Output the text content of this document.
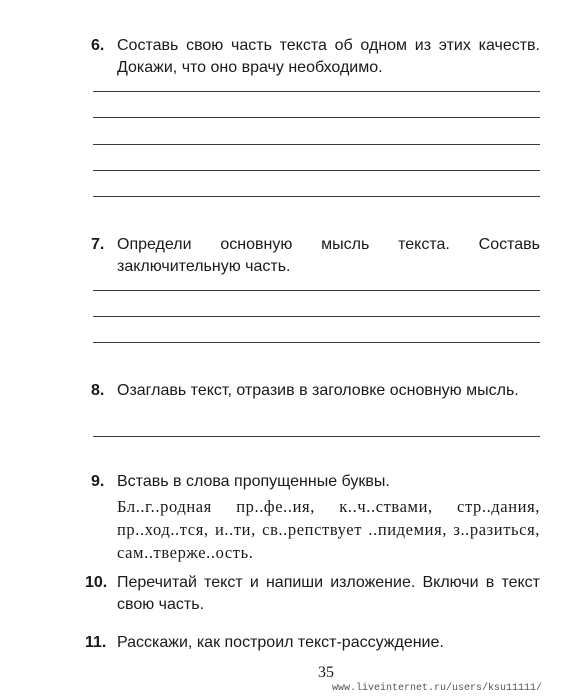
6. Составь свою часть текста об одном из этих качеств. Докажи, что оно врачу необходимо.
7. Определи основную мысль текста. Составь заключительную часть.
8. Озаглавь текст, отразив в заголовке основную мысль.
9. Вставь в слова пропущенные буквы.
Бл..г..родная пр..фе..ия, к..ч..ствами, стр..дания, пр..ход..тся, и..ти, св..репствует ..пидемия, з..разиться, сам..тверже..ость.
10. Перечитай текст и напиши изложение. Включи в текст свою часть.
11. Расскажи, как построил текст-рассуждение.
35
www.liveinternet.ru/users/ksu11111/
